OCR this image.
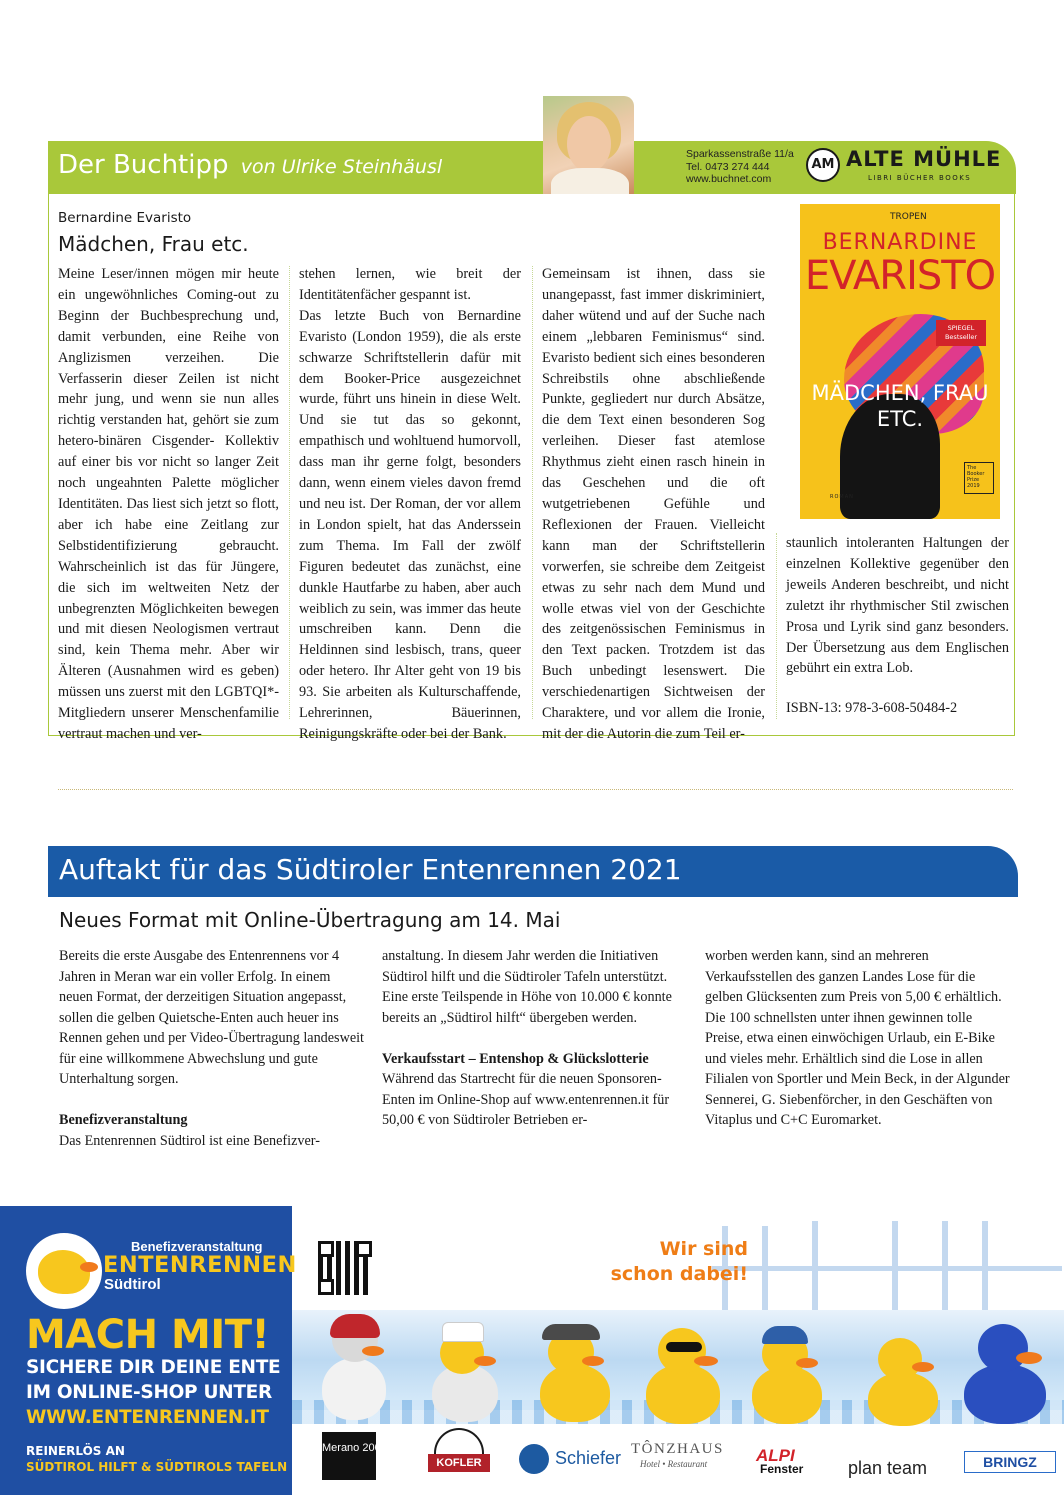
Der Buchtipp von Ulrike Steinhäusl
Sparkassenstraße 11/a
Tel. 0473 274 444
www.buchnet.com
AM ALTE MÜHLE
LIBRI BÜCHER BOOKS
Bernardine Evaristo
Mädchen, Frau etc.

Meine Leser/innen mögen mir heute ein ungewöhnliches Coming-out zu Beginn der Buchbesprechung und, damit verbunden, eine Reihe von Anglizismen verzeihen. Die Verfasserin dieser Zeilen ist nicht mehr jung, und wenn sie nun alles richtig verstanden hat, gehört sie zum hetero-binären Cisgender- Kollektiv auf einer bis vor nicht so langer Zeit noch ungeahnten Palette möglicher Identitäten. Das liest sich jetzt so flott, aber ich habe eine Zeitlang zur Selbstidentifizierung gebraucht. Wahrscheinlich ist das für Jüngere, die sich im weltweiten Netz der unbegrenzten Möglichkeiten bewegen und mit diesen Neologismen vertraut sind, kein Thema mehr. Aber wir Älteren (Ausnahmen wird es geben) müssen uns zuerst mit den LGBTQI*- Mitgliedern unserer Menschenfamilie vertraut machen und ver-

stehen lernen, wie breit der Identitätenfächer gespannt ist.

Das letzte Buch von Bernardine Evaristo (London 1959), die als erste schwarze Schriftstellerin dafür mit dem Booker-Price ausgezeichnet wurde, führt uns hinein in diese Welt. Und sie tut das so gekonnt, empathisch und wohltuend humorvoll, dass man ihr gerne folgt, besonders dann, wenn einem vieles davon fremd und neu ist. Der Roman, der vor allem in London spielt, hat das Anderssein zum Thema. Im Fall der zwölf Figuren bedeutet das zunächst, eine dunkle Hautfarbe zu haben, aber auch weiblich zu sein, was immer das heute umschreiben kann. Denn die Heldinnen sind lesbisch, trans, queer oder hetero. Ihr Alter geht von 19 bis 93. Sie arbeiten als Kulturschaffende, Lehrerinnen, Bäuerinnen, Reinigungskräfte oder bei der Bank.

Gemeinsam ist ihnen, dass sie unangepasst, fast immer diskriminiert, daher wütend und auf der Suche nach einem „lebbaren Feminismus“ sind. Evaristo bedient sich eines besonderen Schreibstils ohne abschließende Punkte, gegliedert nur durch Absätze, die dem Text einen besonderen Sog verleihen. Dieser fast atemlose Rhythmus zieht einen rasch hinein in das Geschehen und die oft wutgetriebenen Gefühle und Reflexionen der Frauen. Vielleicht kann man der Schriftstellerin vorwerfen, sie schreibe dem Zeitgeist etwas zu sehr nach dem Mund und wolle etwas viel von der Geschichte des zeitgenössischen Feminismus in den Text packen. Trotzdem ist das Buch unbedingt lesenswert. Die verschiedenartigen Sichtweisen der Charaktere, und vor allem die Ironie, mit der die Autorin die zum Teil er-

TROPEN
BERNARDINE
EVARISTO
SPIEGEL Bestseller
MÄDCHEN, FRAU ETC.
The Booker Prize 2019
ROMAN

staunlich intoleranten Haltungen der einzelnen Kollektive gegenüber den jeweils Anderen beschreibt, und nicht zuletzt ihr rhythmischer Stil zwischen Prosa und Lyrik sind ganz besonders. Der Übersetzung aus dem Englischen gebührt ein extra Lob.

ISBN-13: 978-3-608-50484-2
Auftakt für das Südtiroler Entenrennen 2021
Neues Format mit Online-Übertragung am 14. Mai

Bereits die erste Ausgabe des Entenrennens vor 4 Jahren in Meran war ein voller Erfolg. In einem neuen Format, der derzeitigen Situation angepasst, sollen die gelben Quietsche-Enten auch heuer ins Rennen gehen und per Video-Übertragung landesweit für eine willkommene Abwechslung und gute Unterhaltung sorgen.

Benefizveranstaltung

Das Entenrennen Südtirol ist eine Benefizver-

anstaltung. In diesem Jahr werden die Initiativen Südtirol hilft und die Südtiroler Tafeln unterstützt. Eine erste Teilspende in Höhe von 10.000 € konnte bereits an „Südtirol hilft“ übergeben werden.

Verkaufsstart – Entenshop & Glückslotterie

Während das Startrecht für die neuen Sponsoren-Enten im Online-Shop auf www.entenrennen.it für 50,00 € von Südtiroler Betrieben er-

worben werden kann, sind an mehreren Verkaufsstellen des ganzen Landes Lose für die gelben Glücksenten zum Preis von 5,00 € erhältlich. Die 100 schnellsten unter ihnen gewinnen tolle Preise, etwa einen einwöchigen Urlaub, ein E-Bike und vieles mehr. Erhältlich sind die Lose in allen Filialen von Sportler und Mein Beck, in der Algunder Sennerei, G. Siebenförcher, in den Geschäften von Vitaplus und C+C Euromarket.

Benefizveranstaltung
ENTENRENNEN
Südtirol
MACH MIT!
SICHERE DIR DEINE ENTE
IM ONLINE-SHOP UNTER
WWW.ENTENRENNEN.IT
REINERLÖS AN
SÜDTIROL HILFT & SÜDTIROLS TAFELN
Wir sind
schon dabei!
Merano 2000
KOFLER	Schiefer TÔNZHAUS
Hotel • Restaurant	ALPI
Fenster plan team	BRINGZ
